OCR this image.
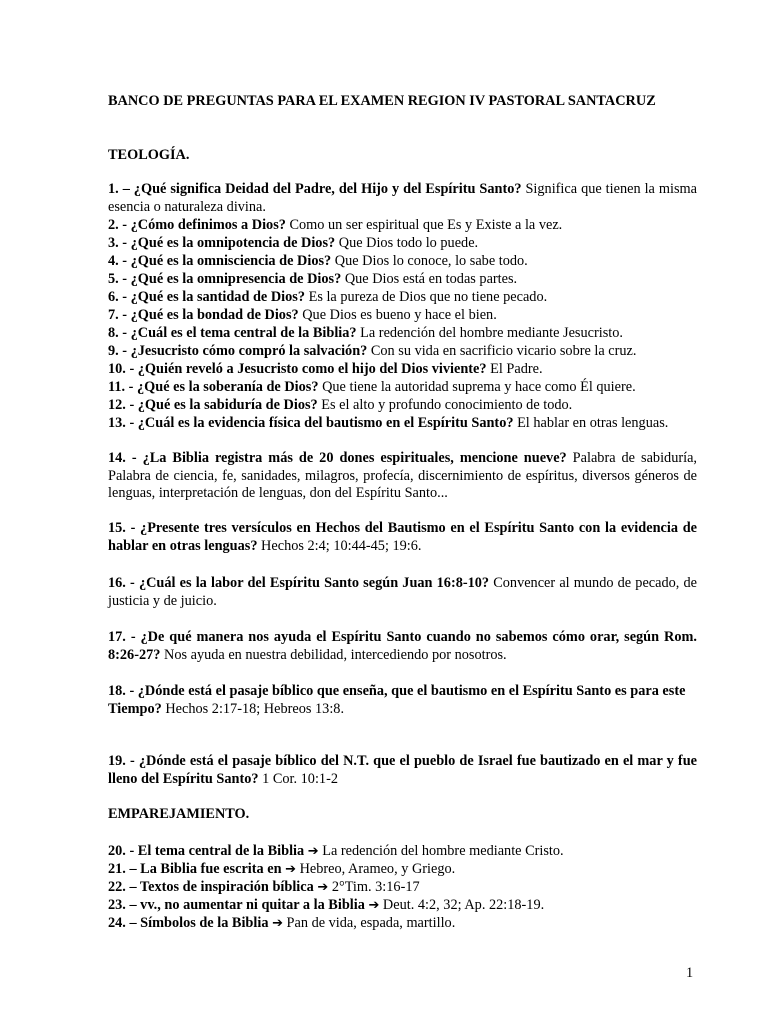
BANCO DE PREGUNTAS PARA EL EXAMEN REGION IV PASTORAL SANTACRUZ
TEOLOGÍA.
1. – ¿Qué significa Deidad del Padre, del Hijo y del Espíritu Santo? Significa que tienen la misma esencia o naturaleza divina.
2. - ¿Cómo definimos a Dios? Como un ser espiritual que Es y Existe a la vez.
3. - ¿Qué es la omnipotencia de Dios? Que Dios todo lo puede.
4. - ¿Qué es la omnisciencia de Dios? Que Dios lo conoce, lo sabe todo.
5. - ¿Qué es la omnipresencia de Dios? Que Dios está en todas partes.
6. - ¿Qué es la santidad de Dios? Es la pureza de Dios que no tiene pecado.
7. - ¿Qué es la bondad de Dios? Que Dios es bueno y hace el bien.
8. - ¿Cuál es el tema central de la Biblia? La redención del hombre mediante Jesucristo.
9. - ¿Jesucristo cómo compró la salvación? Con su vida en sacrificio vicario sobre la cruz.
10. - ¿Quién reveló a Jesucristo como el hijo del Dios viviente? El Padre.
11. - ¿Qué es la soberanía de Dios? Que tiene la autoridad suprema y hace como Él quiere.
12. - ¿Qué es la sabiduría de Dios? Es el alto y profundo conocimiento de todo.
13. - ¿Cuál es la evidencia física del bautismo en el Espíritu Santo? El hablar en otras lenguas.
14. - ¿La Biblia registra más de 20 dones espirituales, mencione nueve? Palabra de sabiduría, Palabra de ciencia, fe, sanidades, milagros, profecía, discernimiento de espíritus, diversos géneros de lenguas, interpretación de lenguas, don del Espíritu Santo...
15. - ¿Presente tres versículos en Hechos del Bautismo en el Espíritu Santo con la evidencia de hablar en otras lenguas? Hechos 2:4; 10:44-45; 19:6.
16. - ¿Cuál es la labor del Espíritu Santo según Juan 16:8-10? Convencer al mundo de pecado, de justicia y de juicio.
17. - ¿De qué manera nos ayuda el Espíritu Santo cuando no sabemos cómo orar, según Rom. 8:26-27? Nos ayuda en nuestra debilidad, intercediendo por nosotros.
18. - ¿Dónde está el pasaje bíblico que enseña, que el bautismo en el Espíritu Santo es para este
Tiempo? Hechos 2:17-18; Hebreos 13:8.
19. - ¿Dónde está el pasaje bíblico del N.T. que el pueblo de Israel fue bautizado en el mar y fue lleno del Espíritu Santo? 1 Cor. 10:1-2
EMPAREJAMIENTO.
20. - El tema central de la Biblia ➔ La redención del hombre mediante Cristo.
21. – La Biblia fue escrita en ➔ Hebreo, Arameo, y Griego.
22. – Textos de inspiración bíblica ➔ 2°Tim. 3:16-17
23. – vv., no aumentar ni quitar a la Biblia ➔ Deut. 4:2, 32; Ap. 22:18-19.
24. – Símbolos de la Biblia ➔ Pan de vida, espada, martillo.
1
